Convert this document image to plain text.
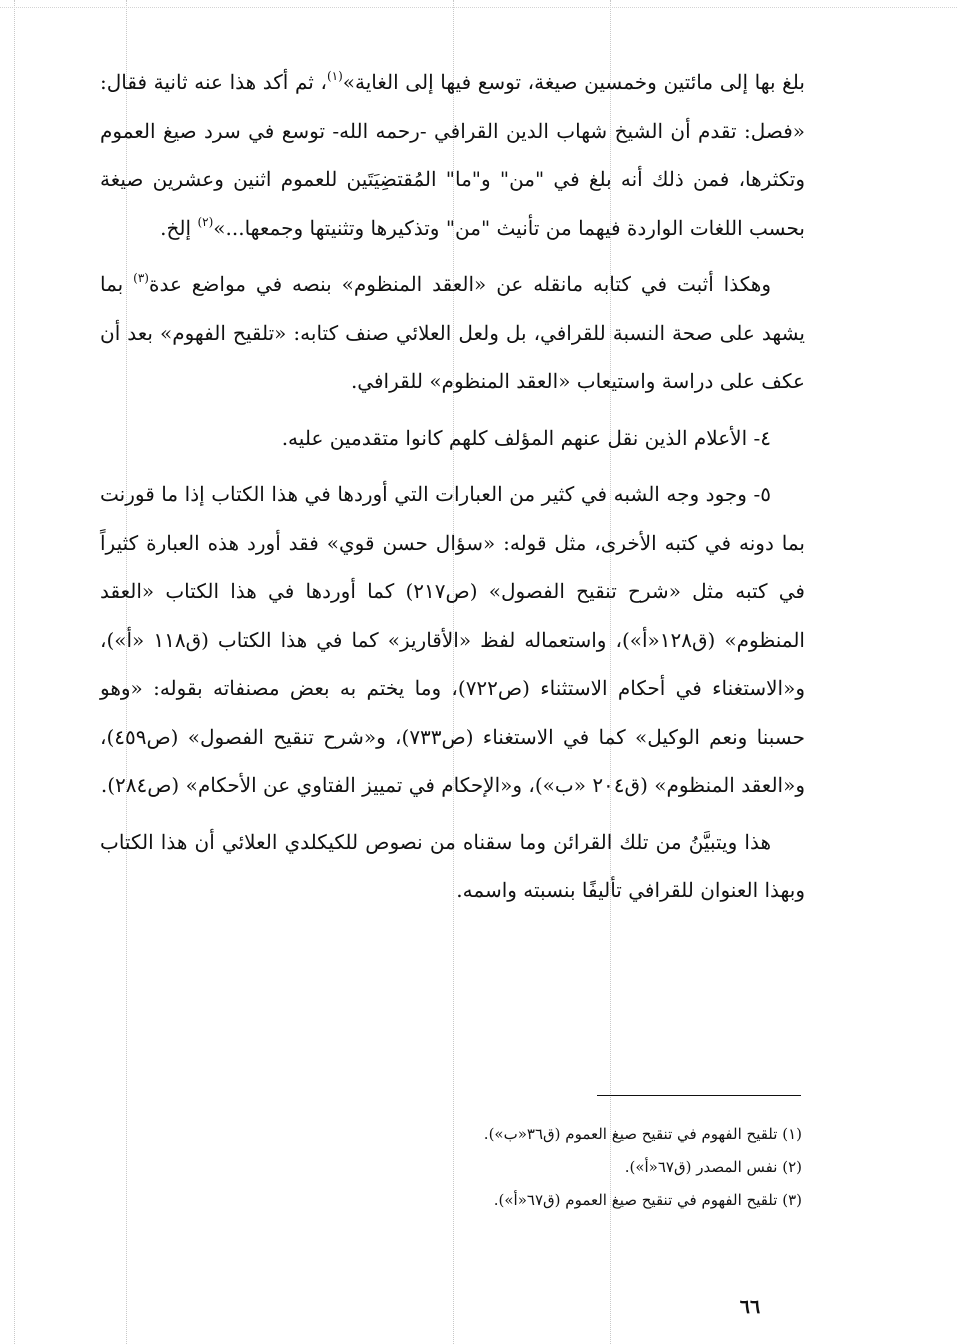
بلغ بها إلى مائتين وخمسين صيغة، توسع فيها إلى الغاية»$^{(١)}$، ثم أكد هذا عنه ثانية فقال: «فصل: تقدم أن الشيخ شهاب الدين القرافي -رحمه الله- توسع في سرد صيغ العموم وتكثرها، فمن ذلك أنه بلغ في "من" و"ما" المُقتضِيَتَين للعموم اثنين وعشرين صيغة بحسب اللغات الواردة فيهما من تأنيث "من" وتذكيرها وتثنيتها وجمعها...»$^{(٢)}$ إلخ.

وهكذا أثبت في كتابه مانقله عن «العقد المنظوم» بنصه في مواضع عدة$^{(٣)}$ بما يشهد على صحة النسبة للقرافي، بل ولعل العلائي صنف كتابه: «تلقيح الفهوم» بعد أن عكف على دراسة واستيعاب «العقد المنظوم» للقرافي.

٤- الأعلام الذين نقل عنهم المؤلف كلهم كانوا متقدمين عليه.

٥- وجود وجه الشبه في كثير من العبارات التي أوردها في هذا الكتاب إذا ما قورنت بما دونه في كتبه الأخرى، مثل قوله: «سؤال حسن قوي» فقد أورد هذه العبارة كثيراً في كتبه مثل «شرح تنقيح الفصول» (ص٢١٧) كما أوردها في هذا الكتاب «العقد المنظوم» (ق١٢٨«أ»)، واستعماله لفظ «الأقاريز» كما في هذا الكتاب (ق١١٨ «أ»)، و«الاستغناء في أحكام الاستثناء (ص٧٢٢)، وما يختم به بعض مصنفاته بقوله: «وهو حسبنا ونعم الوكيل» كما في الاستغناء (ص٧٣٣)، و«شرح تنقيح الفصول» (ص٤٥٩)، و«العقد المنظوم» (ق٢٠٤ «ب»)، و«الإحكام في تمييز الفتاوي عن الأحكام» (ص٢٨٤).

هذا ويتبيَّنُ من تلك القرائن وما سقناه من نصوص للكيكلدي العلائي أن هذا الكتاب وبهذا العنوان للقرافي تأليفًا بنسبته واسمه.

(١) تلقيح الفهوم في تنقيح صيغ العموم (ق٣٦«ب»).
(٢) نفس المصدر (ق٦٧«أ»).
(٣) تلقيح الفهوم في تنقيح صيغ العموم (ق٦٧«أ»).
٦٦
